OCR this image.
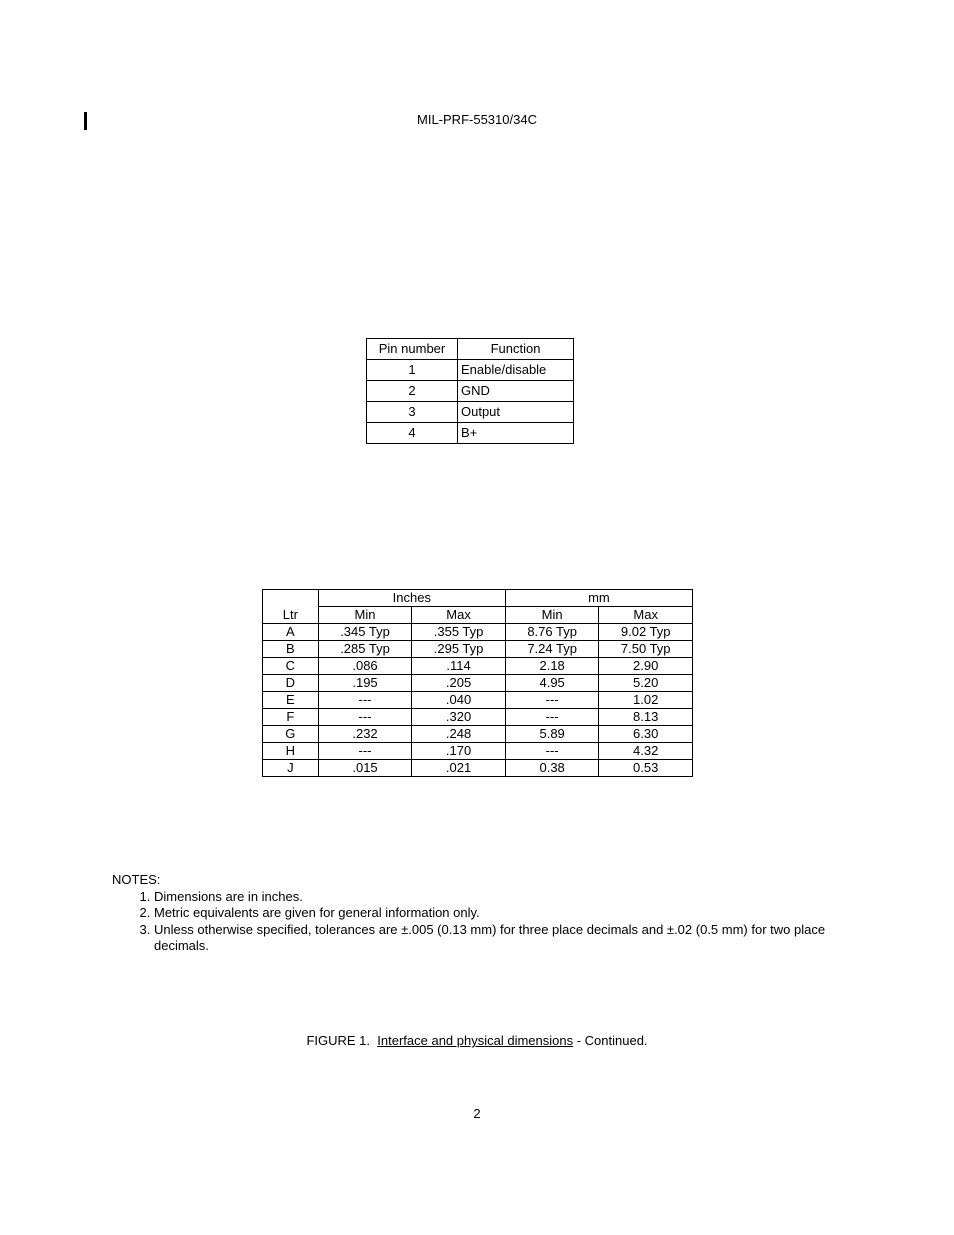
MIL-PRF-55310/34C
Pin number	Function
1	Enable/disable
2	GND
3	Output
4	B+
Ltr	Inches		mm	
	Min	Max	Min	Max
A	.345 Typ	.355 Typ	8.76 Typ	9.02 Typ
B	.285 Typ	.295 Typ	7.24 Typ	7.50 Typ
C	.086	.114	2.18	2.90
D	.195	.205	4.95	5.20
E	---	.040	---	1.02
F	---	.320	---	8.13
G	.232	.248	5.89	6.30
H	---	.170	---	4.32
J	.015	.021	0.38	0.53

NOTES:

1. Dimensions are in inches.
2. Metric equivalents are given for general information only.
3. Unless otherwise specified, tolerances are ±.005 (0.13 mm) for three place decimals and ±.02 (0.5 mm) for two place decimals.
FIGURE 1. Interface and physical dimensions - Continued.
2
